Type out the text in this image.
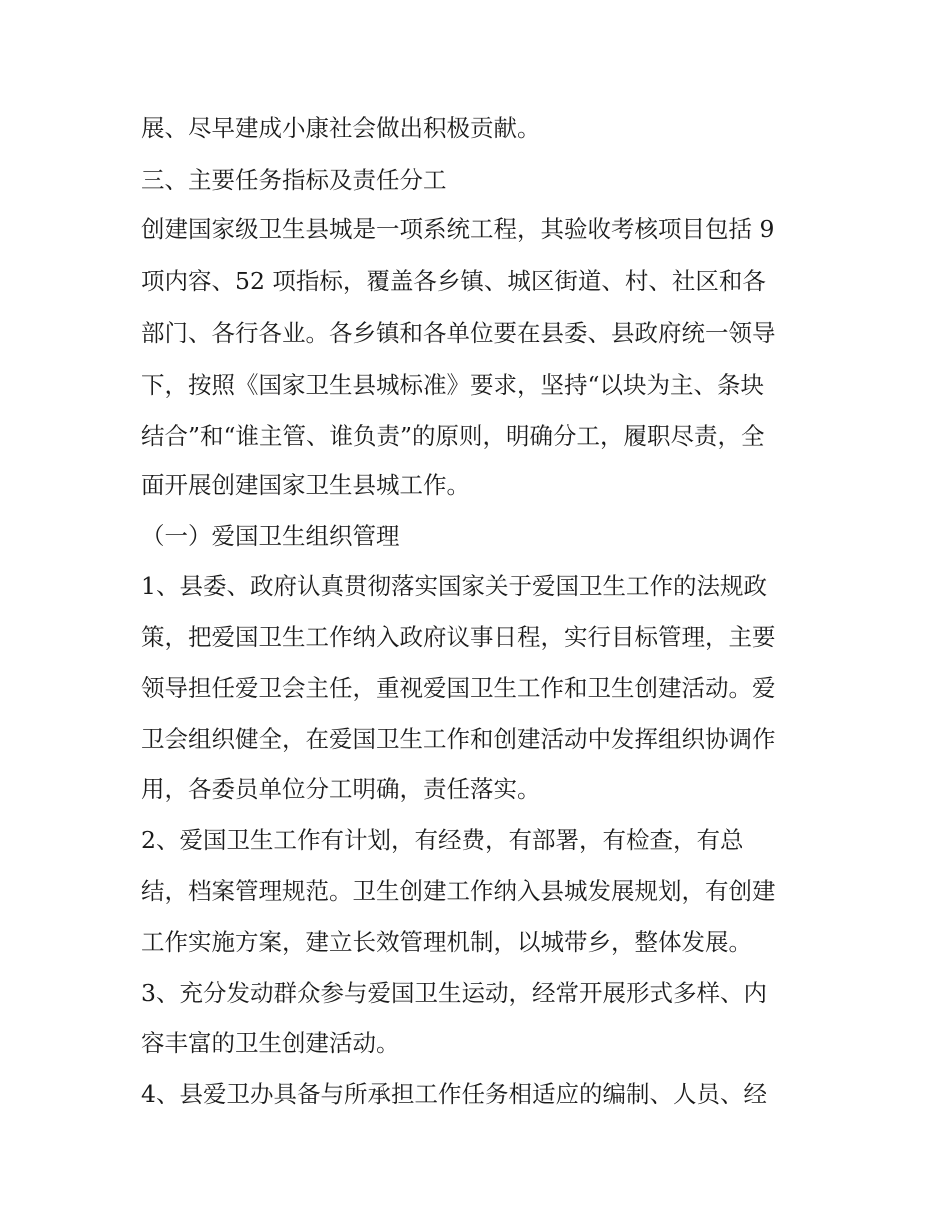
展、尽早建成小康社会做出积极贡献。

三、主要任务指标及责任分工

创建国家级卫生县城是一项系统工程，其验收考核项目包括 9

项内容、52 项指标，覆盖各乡镇、城区街道、村、社区和各

部门、各行各业。各乡镇和各单位要在县委、县政府统一领导

下，按照《国家卫生县城标准》要求，坚持“以块为主、条块

结合”和“谁主管、谁负责”的原则，明确分工，履职尽责，全

面开展创建国家卫生县城工作。

（一）爱国卫生组织管理

1、县委、政府认真贯彻落实国家关于爱国卫生工作的法规政

策，把爱国卫生工作纳入政府议事日程，实行目标管理，主要

领导担任爱卫会主任，重视爱国卫生工作和卫生创建活动。爱

卫会组织健全，在爱国卫生工作和创建活动中发挥组织协调作

用，各委员单位分工明确，责任落实。

2、爱国卫生工作有计划，有经费，有部署，有检查，有总

结，档案管理规范。卫生创建工作纳入县城发展规划，有创建

工作实施方案，建立长效管理机制，以城带乡，整体发展。

3、充分发动群众参与爱国卫生运动，经常开展形式多样、内

容丰富的卫生创建活动。

4、县爱卫办具备与所承担工作任务相适应的编制、人员、经
